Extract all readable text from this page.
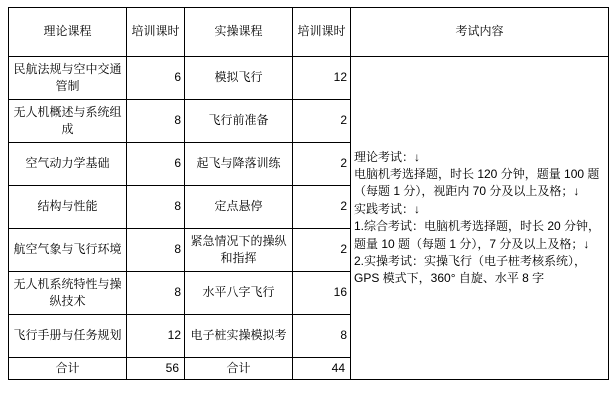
理论课程	培训课时	实操课程	培训课时	考试内容

民航法规与空中交通管制	6	模拟飞行	12	理论考试：↓

电脑机考选择题，时长 120 分钟，题量 100 题（每题 1 分），视距内 70 分及以上及格；↓

实践考试：↓

1.综合考试：电脑机考选择题，时长 20 分钟，题量 10 题（每题 1 分），7 分及以上及格；↓

2.实操考试：实操飞行（电子桩考核系统），GPS 模式下，360° 自旋、水平 8 字

无人机概述与系统组成	8	飞行前准备	2	
空气动力学基础	6	起飞与降落训练	2	
结构与性能	8	定点悬停	2	
航空气象与飞行环境	8	紧急情况下的操纵和指挥	2	
无人机系统特性与操纵技术	8	水平八字飞行	16	
飞行手册与任务规划	12	电子桩实操模拟考	8	
合计	56	合计	44	
